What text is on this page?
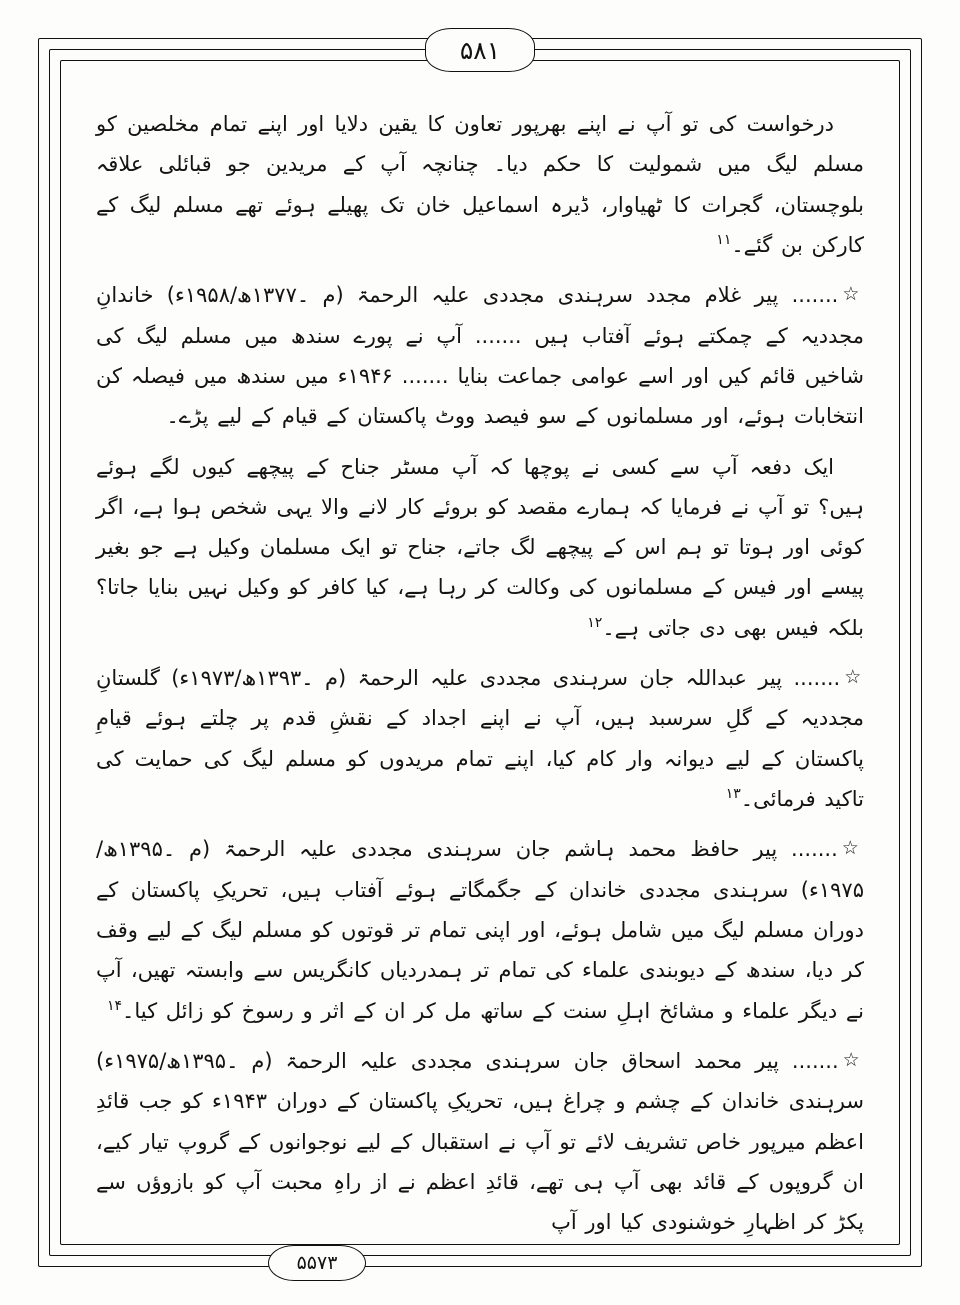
۵۸۱

درخواست کی تو آپ نے اپنے بھرپور تعاون کا یقین دلایا اور اپنے تمام مخلصین کو مسلم لیگ میں شمولیت کا حکم دیا۔ چنانچہ آپ کے مریدین جو قبائلی علاقہ بلوچستان، گجرات کا ٹھیاوار، ڈیرہ اسماعیل خان تک پھیلے ہوئے تھے مسلم لیگ کے کارکن بن گئے۔$^{۱۱}$

☆....... پیر غلام مجدد سرہندی مجددی علیہ الرحمۃ (م ۔۱۳۷۷ھ/۱۹۵۸ء) خاندانِ مجددیہ کے چمکتے ہوئے آفتاب ہیں ....... آپ نے پورے سندھ میں مسلم لیگ کی شاخیں قائم کیں اور اسے عوامی جماعت بنایا ....... ۱۹۴۶ء میں سندھ میں فیصلہ کن انتخابات ہوئے، اور مسلمانوں کے سو فیصد ووٹ پاکستان کے قیام کے لیے پڑے۔

ایک دفعہ آپ سے کسی نے پوچھا کہ آپ مسٹر جناح کے پیچھے کیوں لگے ہوئے ہیں؟ تو آپ نے فرمایا کہ ہمارے مقصد کو بروئے کار لانے والا یہی شخص ہوا ہے، اگر کوئی اور ہوتا تو ہم اس کے پیچھے لگ جاتے، جناح تو ایک مسلمان وکیل ہے جو بغیر پیسے اور فیس کے مسلمانوں کی وکالت کر رہا ہے، کیا کافر کو وکیل نہیں بنایا جاتا؟ بلکہ فیس بھی دی جاتی ہے۔$^{۱۲}$

☆....... پیر عبداللہ جان سرہندی مجددی علیہ الرحمۃ (م ۔۱۳۹۳ھ/۱۹۷۳ء) گلستانِ مجددیہ کے گلِ سرسبد ہیں، آپ نے اپنے اجداد کے نقشِ قدم پر چلتے ہوئے قیامِ پاکستان کے لیے دیوانہ وار کام کیا، اپنے تمام مریدوں کو مسلم لیگ کی حمایت کی تاکید فرمائی۔$^{۱۳}$

☆....... پیر حافظ محمد ہاشم جان سرہندی مجددی علیہ الرحمۃ (م ۔۱۳۹۵ھ/۱۹۷۵ء) سرہندی مجددی خاندان کے جگمگاتے ہوئے آفتاب ہیں، تحریکِ پاکستان کے دوران مسلم لیگ میں شامل ہوئے، اور اپنی تمام تر قوتوں کو مسلم لیگ کے لیے وقف کر دیا، سندھ کے دیوبندی علماء کی تمام تر ہمدردیاں کانگریس سے وابستہ تھیں، آپ نے دیگر علماء و مشائخ اہلِ سنت کے ساتھ مل کر ان کے اثر و رسوخ کو زائل کیا۔$^{۱۴}$

☆....... پیر محمد اسحاق جان سرہندی مجددی علیہ الرحمۃ (م ۔۱۳۹۵ھ/۱۹۷۵ء) سرہندی خاندان کے چشم و چراغ ہیں، تحریکِ پاکستان کے دوران ۱۹۴۳ء کو جب قائدِ اعظم میرپور خاص تشریف لائے تو آپ نے استقبال کے لیے نوجوانوں کے گروپ تیار کیے، ان گروپوں کے قائد بھی آپ ہی تھے، قائدِ اعظم نے از راہِ محبت آپ کو بازوؤں سے پکڑ کر اظہارِ خوشنودی کیا اور آپ

۵۵۷۳
